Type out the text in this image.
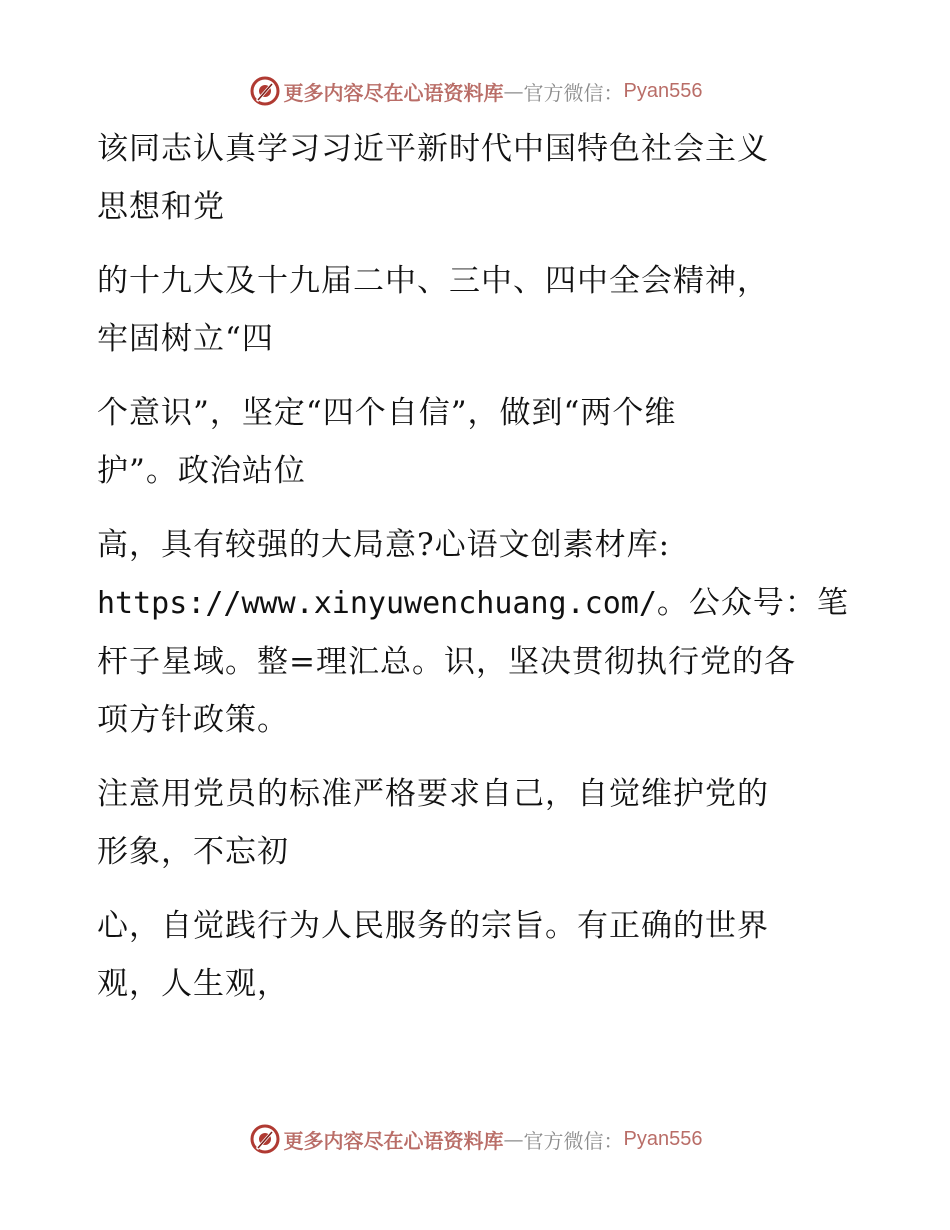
更多内容尽在心语资料库 — 官方微信： Pyan556

该同志认真学习习近平新时代中国特色社会主义

思想和党

的十九大及十九届二中、三中、四中全会精神，

牢固树立“四

个意识”，坚定“四个自信”，做到“两个维

护”。政治站位

高，具有较强的大局意?心语文创素材库:

https://www.xinyuwenchuang.com/。公众号：笔

杆子星域。整=理汇总。识，坚决贯彻执行党的各

项方针政策。

注意用党员的标准严格要求自己，自觉维护党的

形象，不忘初

心，自觉践行为人民服务的宗旨。有正确的世界

观，人生观，

更多内容尽在心语资料库 — 官方微信： Pyan556
